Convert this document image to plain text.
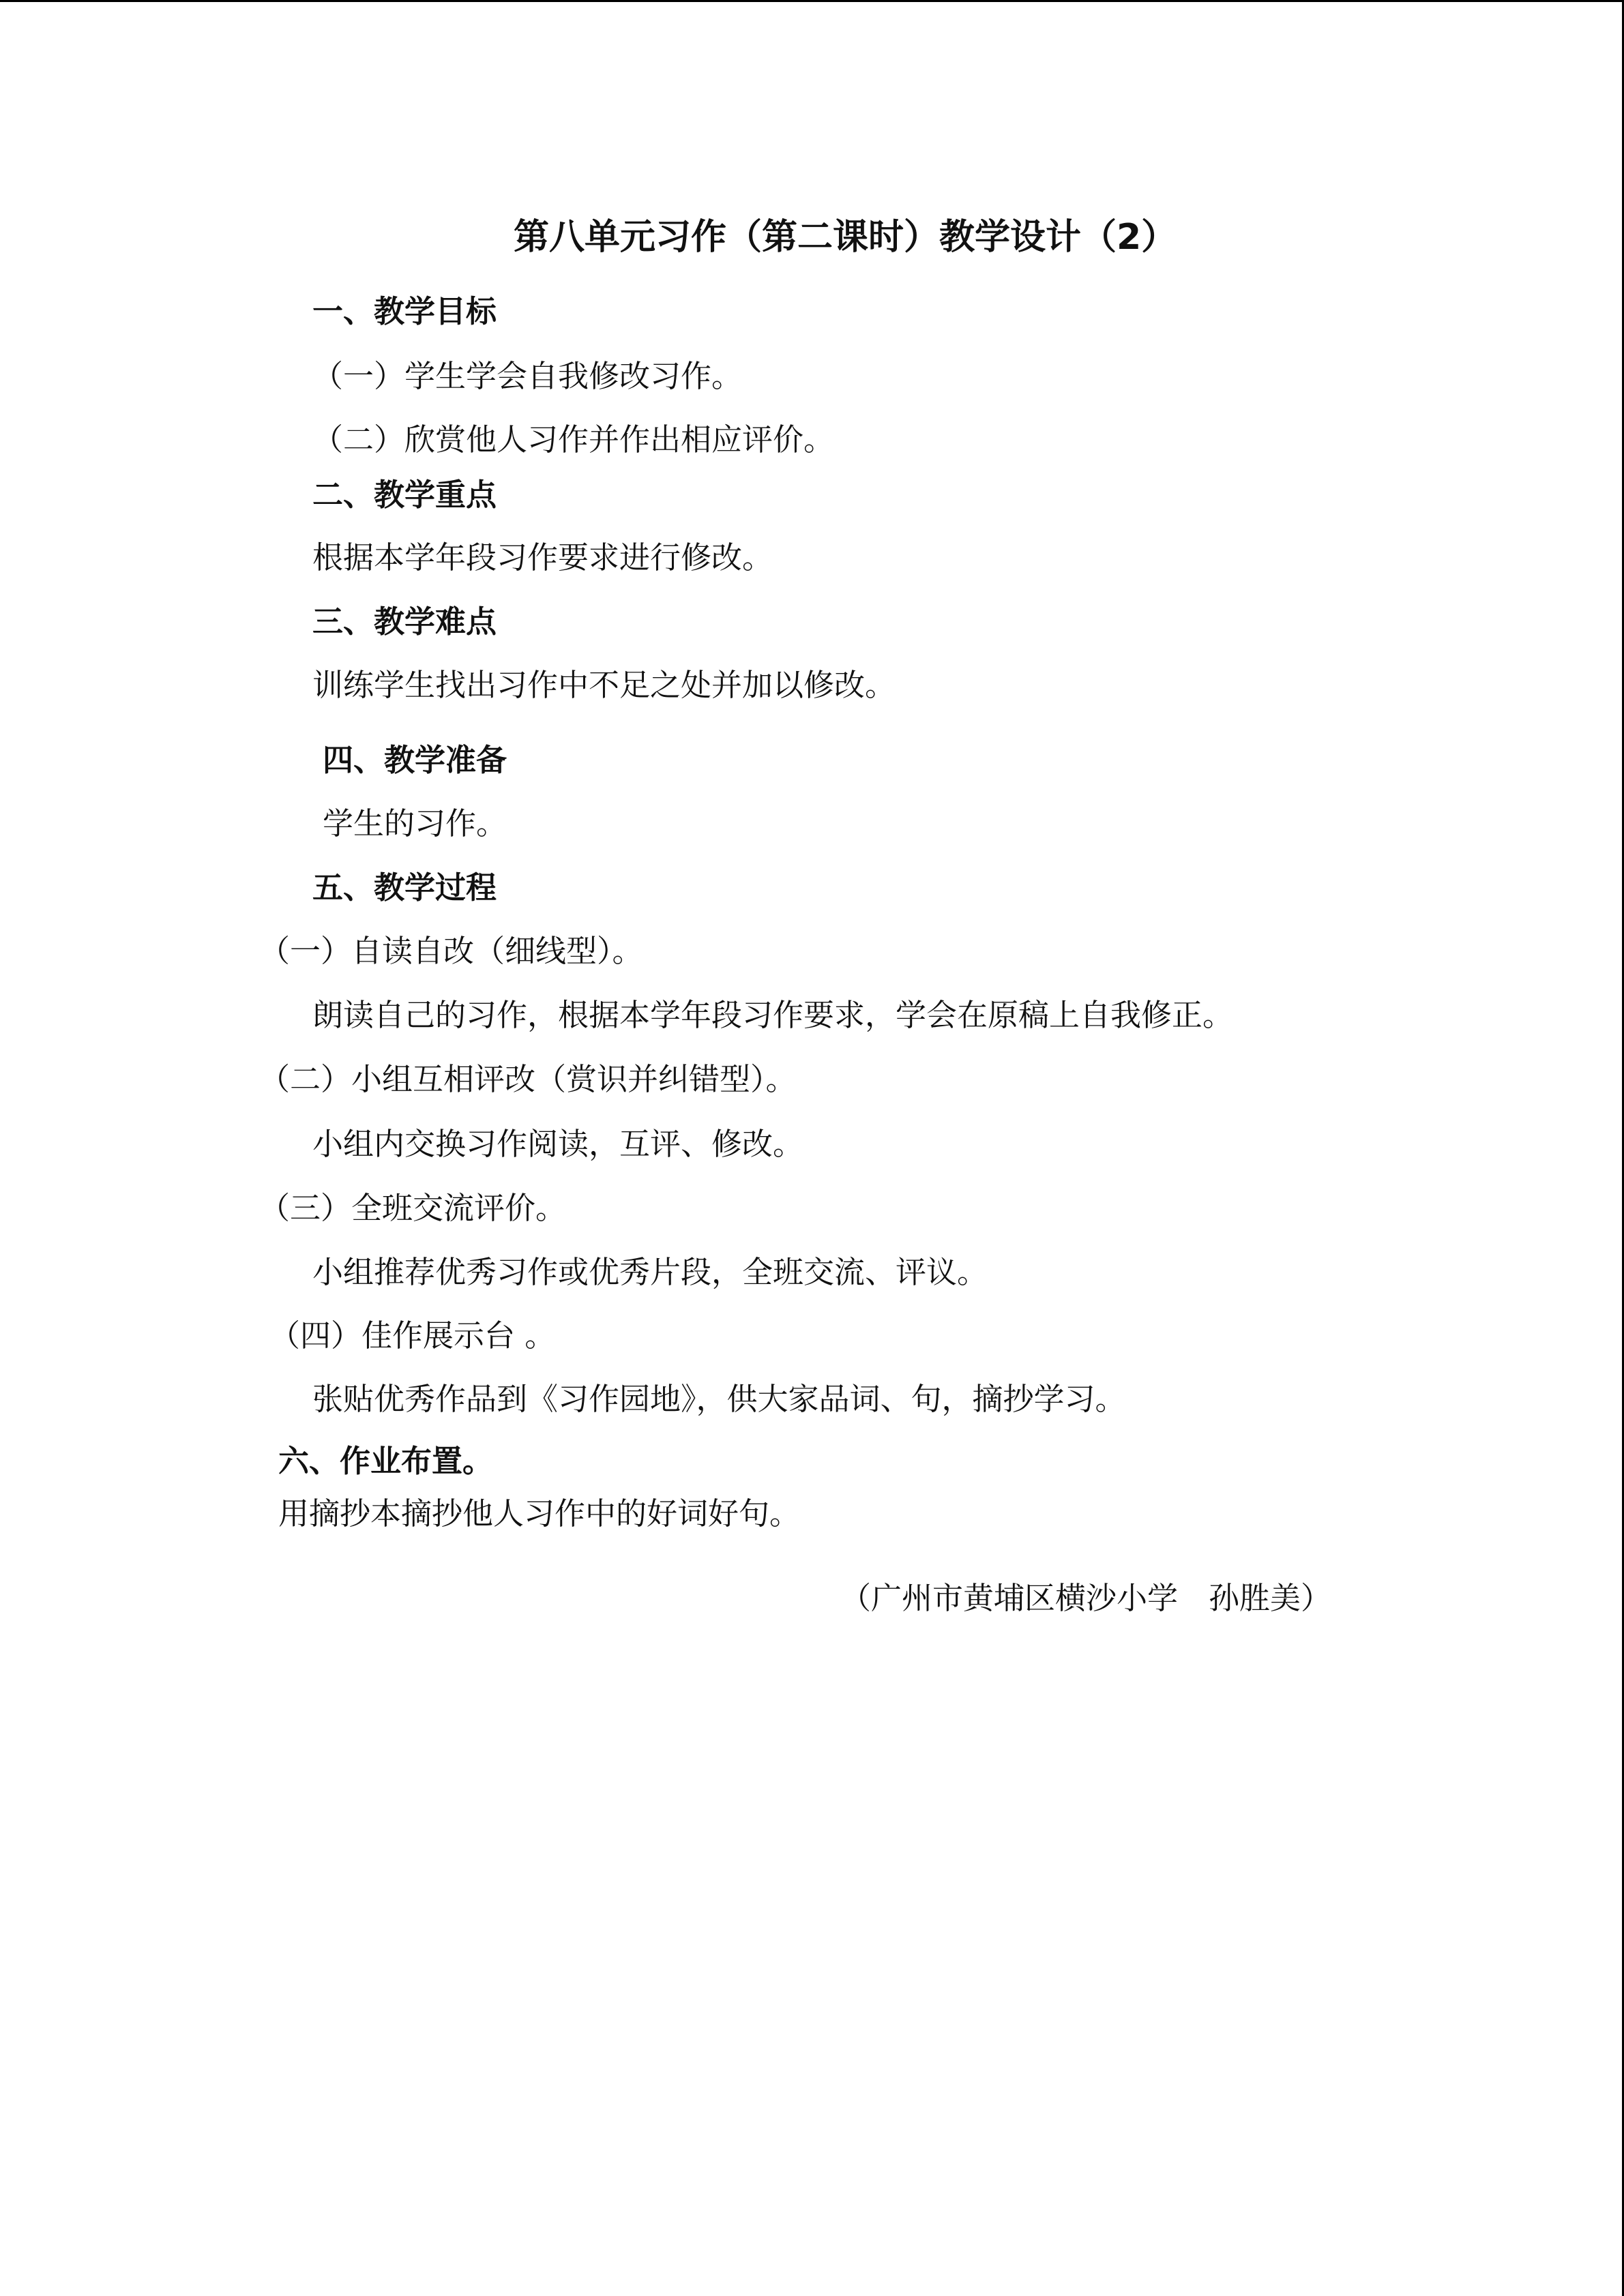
第八单元习作（第二课时）教学设计（2）
一、教学目标
（一）学生学会自我修改习作。
（二）欣赏他人习作并作出相应评价。
二、教学重点
根据本学年段习作要求进行修改。
三、教学难点
训练学生找出习作中不足之处并加以修改。
四、教学准备
学生的习作。
五、教学过程
（一）自读自改（细线型）。
朗读自己的习作，根据本学年段习作要求，学会在原稿上自我修正。
（二）小组互相评改（赏识并纠错型）。
小组内交换习作阅读，互评、修改。
（三）全班交流评价。
小组推荐优秀习作或优秀片段，全班交流、评议。
（四）佳作展示台 。
张贴优秀作品到《习作园地》，供大家品词、句，摘抄学习。
六、作业布置。
用摘抄本摘抄他人习作中的好词好句。
（广州市黄埔区横沙小学　孙胜美）
